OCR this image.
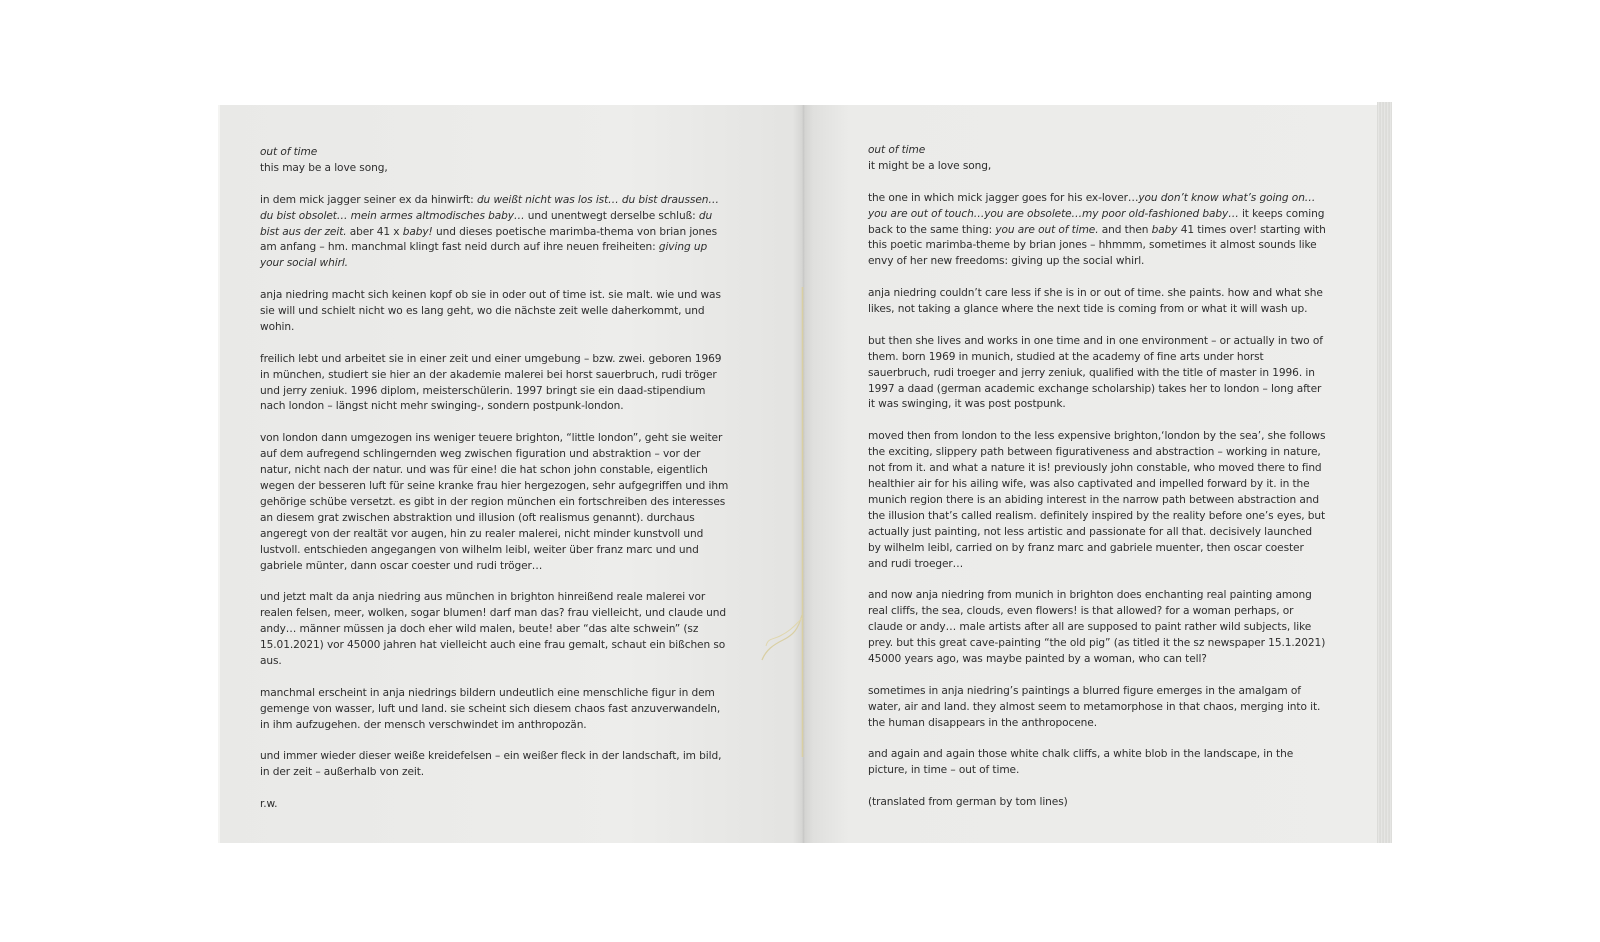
out of time

this may be a love song,

in dem mick jagger seiner ex da hinwirft: du weißt nicht was los ist… du bist draussen… du bist obsolet… mein armes altmodisches baby… und unentwegt derselbe schluß: du bist aus der zeit. aber 41 x baby! und dieses poetische marimba-thema von brian jones am anfang – hm. manchmal klingt fast neid durch auf ihre neuen freiheiten: giving up your social whirl.

anja niedring macht sich keinen kopf ob sie in oder out of time ist. sie malt. wie und was sie will und schielt nicht wo es lang geht, wo die nächste zeit welle daherkommt, und wohin.

freilich lebt und arbeitet sie in einer zeit und einer umgebung – bzw. zwei. geboren 1969 in münchen, studiert sie hier an der akademie malerei bei horst sauerbruch, rudi tröger und jerry zeniuk. 1996 diplom, meisterschülerin. 1997 bringt sie ein daad-stipendium nach london – längst nicht mehr swinging-, sondern postpunk-london.

von london dann umgezogen ins weniger teuere brighton, “little london”, geht sie weiter auf dem aufregend schlingernden weg zwischen figuration und abstraktion – vor der natur, nicht nach der natur. und was für eine! die hat schon john constable, eigentlich wegen der besseren luft für seine kranke frau hier hergezogen, sehr aufgegriffen und ihm gehörige schübe versetzt. es gibt in der region münchen ein fortschreiben des interesses an diesem grat zwischen abstraktion und illusion (oft realismus genannt). durchaus angeregt von der realtät vor augen, hin zu realer malerei, nicht minder kunstvoll und lustvoll. entschieden angegangen von wilhelm leibl, weiter über franz marc und und gabriele münter, dann oscar coester und rudi tröger…

und jetzt malt da anja niedring aus münchen in brighton hinreißend reale malerei vor realen felsen, meer, wolken, sogar blumen! darf man das? frau vielleicht, und claude und andy… männer müssen ja doch eher wild malen, beute! aber “das alte schwein” (sz 15.01.2021) vor 45000 jahren hat vielleicht auch eine frau gemalt, schaut ein bißchen so aus.

manchmal erscheint in anja niedrings bildern undeutlich eine menschliche figur in dem gemenge von wasser, luft und land. sie scheint sich diesem chaos fast anzuverwandeln, in ihm aufzugehen. der mensch verschwindet im anthropozän.

und immer wieder dieser weiße kreidefelsen – ein weißer fleck in der landschaft, im bild, in der zeit – außerhalb von zeit.

r.w.

out of time

it might be a love song,

the one in which mick jagger goes for his ex-lover…you don’t know what’s going on…you are out of touch…you are obsolete…my poor old-fashioned baby… it keeps coming back to the same thing: you are out of time. and then baby 41 times over! starting with this poetic marimba-theme by brian jones – hhmmm, sometimes it almost sounds like envy of her new freedoms: giving up the social whirl.

anja niedring couldn’t care less if she is in or out of time. she paints. how and what she likes, not taking a glance where the next tide is coming from or what it will wash up.

but then she lives and works in one time and in one environment – or actually in two of them. born 1969 in munich, studied at the academy of fine arts under horst sauerbruch, rudi troeger and jerry zeniuk, qualified with the title of master in 1996. in 1997 a daad (german academic exchange scholarship) takes her to london – long after it was swinging, it was post postpunk.

moved then from london to the less expensive brighton,‘london by the sea’, she follows the exciting, slippery path between figurativeness and abstraction – working in nature, not from it. and what a nature it is! previously john constable, who moved there to find healthier air for his ailing wife, was also captivated and impelled forward by it. in the munich region there is an abiding interest in the narrow path between abstraction and the illusion that’s called realism. definitely inspired by the reality before one’s eyes, but actually just painting, not less artistic and passionate for all that. decisively launched by wilhelm leibl, carried on by franz marc and gabriele muenter, then oscar coester and rudi troeger…

and now anja niedring from munich in brighton does enchanting real painting among real cliffs, the sea, clouds, even flowers! is that allowed? for a woman perhaps, or claude or andy… male artists after all are supposed to paint rather wild subjects, like prey. but this great cave-painting “the old pig” (as titled it the sz newspaper 15.1.2021) 45000 years ago, was maybe painted by a woman, who can tell?

sometimes in anja niedring’s paintings a blurred figure emerges in the amalgam of water, air and land. they almost seem to metamorphose in that chaos, merging into it. the human disappears in the anthropocene.

and again and again those white chalk cliffs, a white blob in the landscape, in the picture, in time – out of time.

(translated from german by tom lines)
